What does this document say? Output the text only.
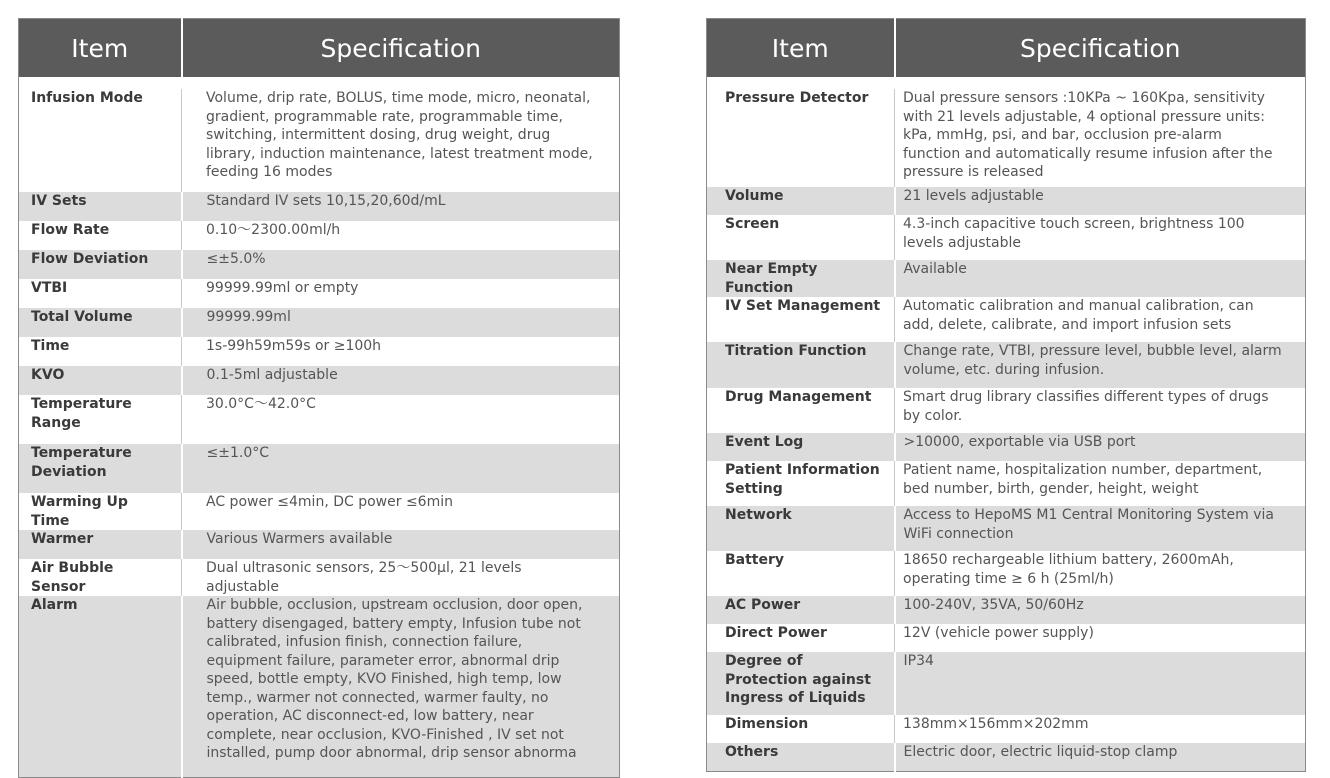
Item	Specification

Infusion Mode	Volume, drip rate, BOLUS, time mode, micro, neonatal, gradient, programmable rate, programmable time, switching, intermittent dosing, drug weight, drug library, induction maintenance, latest treatment mode, feeding 16 modes
IV Sets	Standard IV sets 10,15,20,60d/mL
Flow Rate	0.10～2300.00ml/h
Flow Deviation	≤±5.0%
VTBI	99999.99ml or empty
Total Volume	99999.99ml
Time	1s-99h59m59s or ≥100h
KVO	0.1-5ml adjustable
Temperature Range	30.0°C～42.0°C
Temperature Deviation	≤±1.0°C
Warming Up Time	AC power ≤4min, DC power ≤6min
Warmer	Various Warmers available
Air Bubble Sensor	Dual ultrasonic sensors, 25～500μl, 21 levels adjustable
Alarm	Air bubble, occlusion, upstream occlusion, door open, battery disengaged, battery empty, Infusion tube not calibrated, infusion finish, connection failure, equipment failure, parameter error, abnormal drip speed, bottle empty, KVO Finished, high temp, low temp., warmer not connected, warmer faulty, no operation, AC disconnect-ed, low battery, near complete, near occlusion, KVO-Finished , IV set not installed, pump door abnormal, drip sensor abnorma
Item	Specification

Pressure Detector	Dual pressure sensors :10KPa ~ 160Kpa, sensitivity with 21 levels adjustable, 4 optional pressure units: kPa, mmHg, psi, and bar, occlusion pre-alarm function and automatically resume infusion after the pressure is released
Volume	21 levels adjustable
Screen	4.3-inch capacitive touch screen, brightness 100 levels adjustable
Near Empty Function	Available
IV Set Management	Automatic calibration and manual calibration, can add, delete, calibrate, and import infusion sets
Titration Function	Change rate, VTBI, pressure level, bubble level, alarm volume, etc. during infusion.
Drug Management	Smart drug library classifies different types of drugs by color.
Event Log	>10000, exportable via USB port
Patient Information Setting	Patient name, hospitalization number, department, bed number, birth, gender, height, weight
Network	Access to HepoMS M1 Central Monitoring System via WiFi connection
Battery	18650 rechargeable lithium battery, 2600mAh, operating time ≥ 6 h (25ml/h)
AC Power	100-240V, 35VA, 50/60Hz
Direct Power	12V (vehicle power supply)
Degree of Protection against Ingress of Liquids	IP34
Dimension	138mm×156mm×202mm
Others	Electric door, electric liquid-stop clamp
